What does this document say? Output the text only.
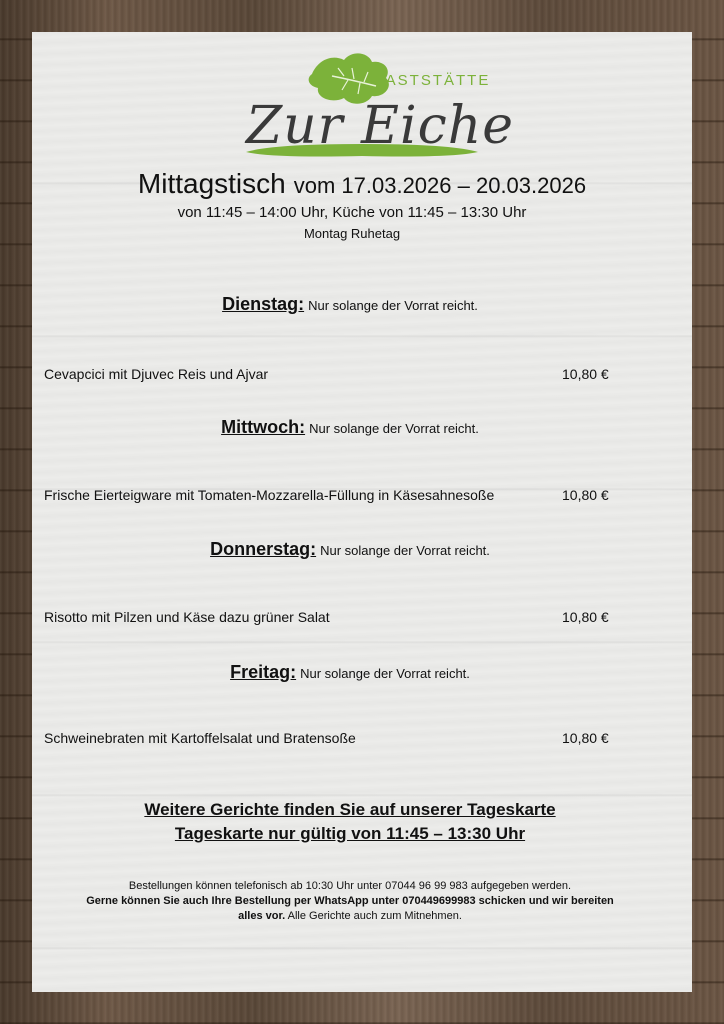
GASTSTÄTTE
Zur Eiche
Mittagstisch vom 17.03.2026 – 20.03.2026
von 11:45 – 14:00 Uhr, Küche von 11:45 – 13:30 Uhr
Montag Ruhetag
Dienstag: Nur solange der Vorrat reicht.
Cevapcici mit Djuvec Reis und Ajvar	10,80 €
Mittwoch: Nur solange der Vorrat reicht.
Frische Eierteigware mit Tomaten-Mozzarella-Füllung in Käsesahnesoße	10,80 €
Donnerstag: Nur solange der Vorrat reicht.
Risotto mit Pilzen und Käse dazu grüner Salat	10,80 €
Freitag: Nur solange der Vorrat reicht.
Schweinebraten mit Kartoffelsalat und Bratensoße	10,80 €
Weitere Gerichte finden Sie auf unserer Tageskarte
Tageskarte nur gültig von 11:45 – 13:30 Uhr
Bestellungen können telefonisch ab 10:30 Uhr unter 07044 96 99 983 aufgegeben werden.
Gerne können Sie auch Ihre Bestellung per WhatsApp unter 070449699983 schicken und wir bereiten
alles vor. Alle Gerichte auch zum Mitnehmen.
